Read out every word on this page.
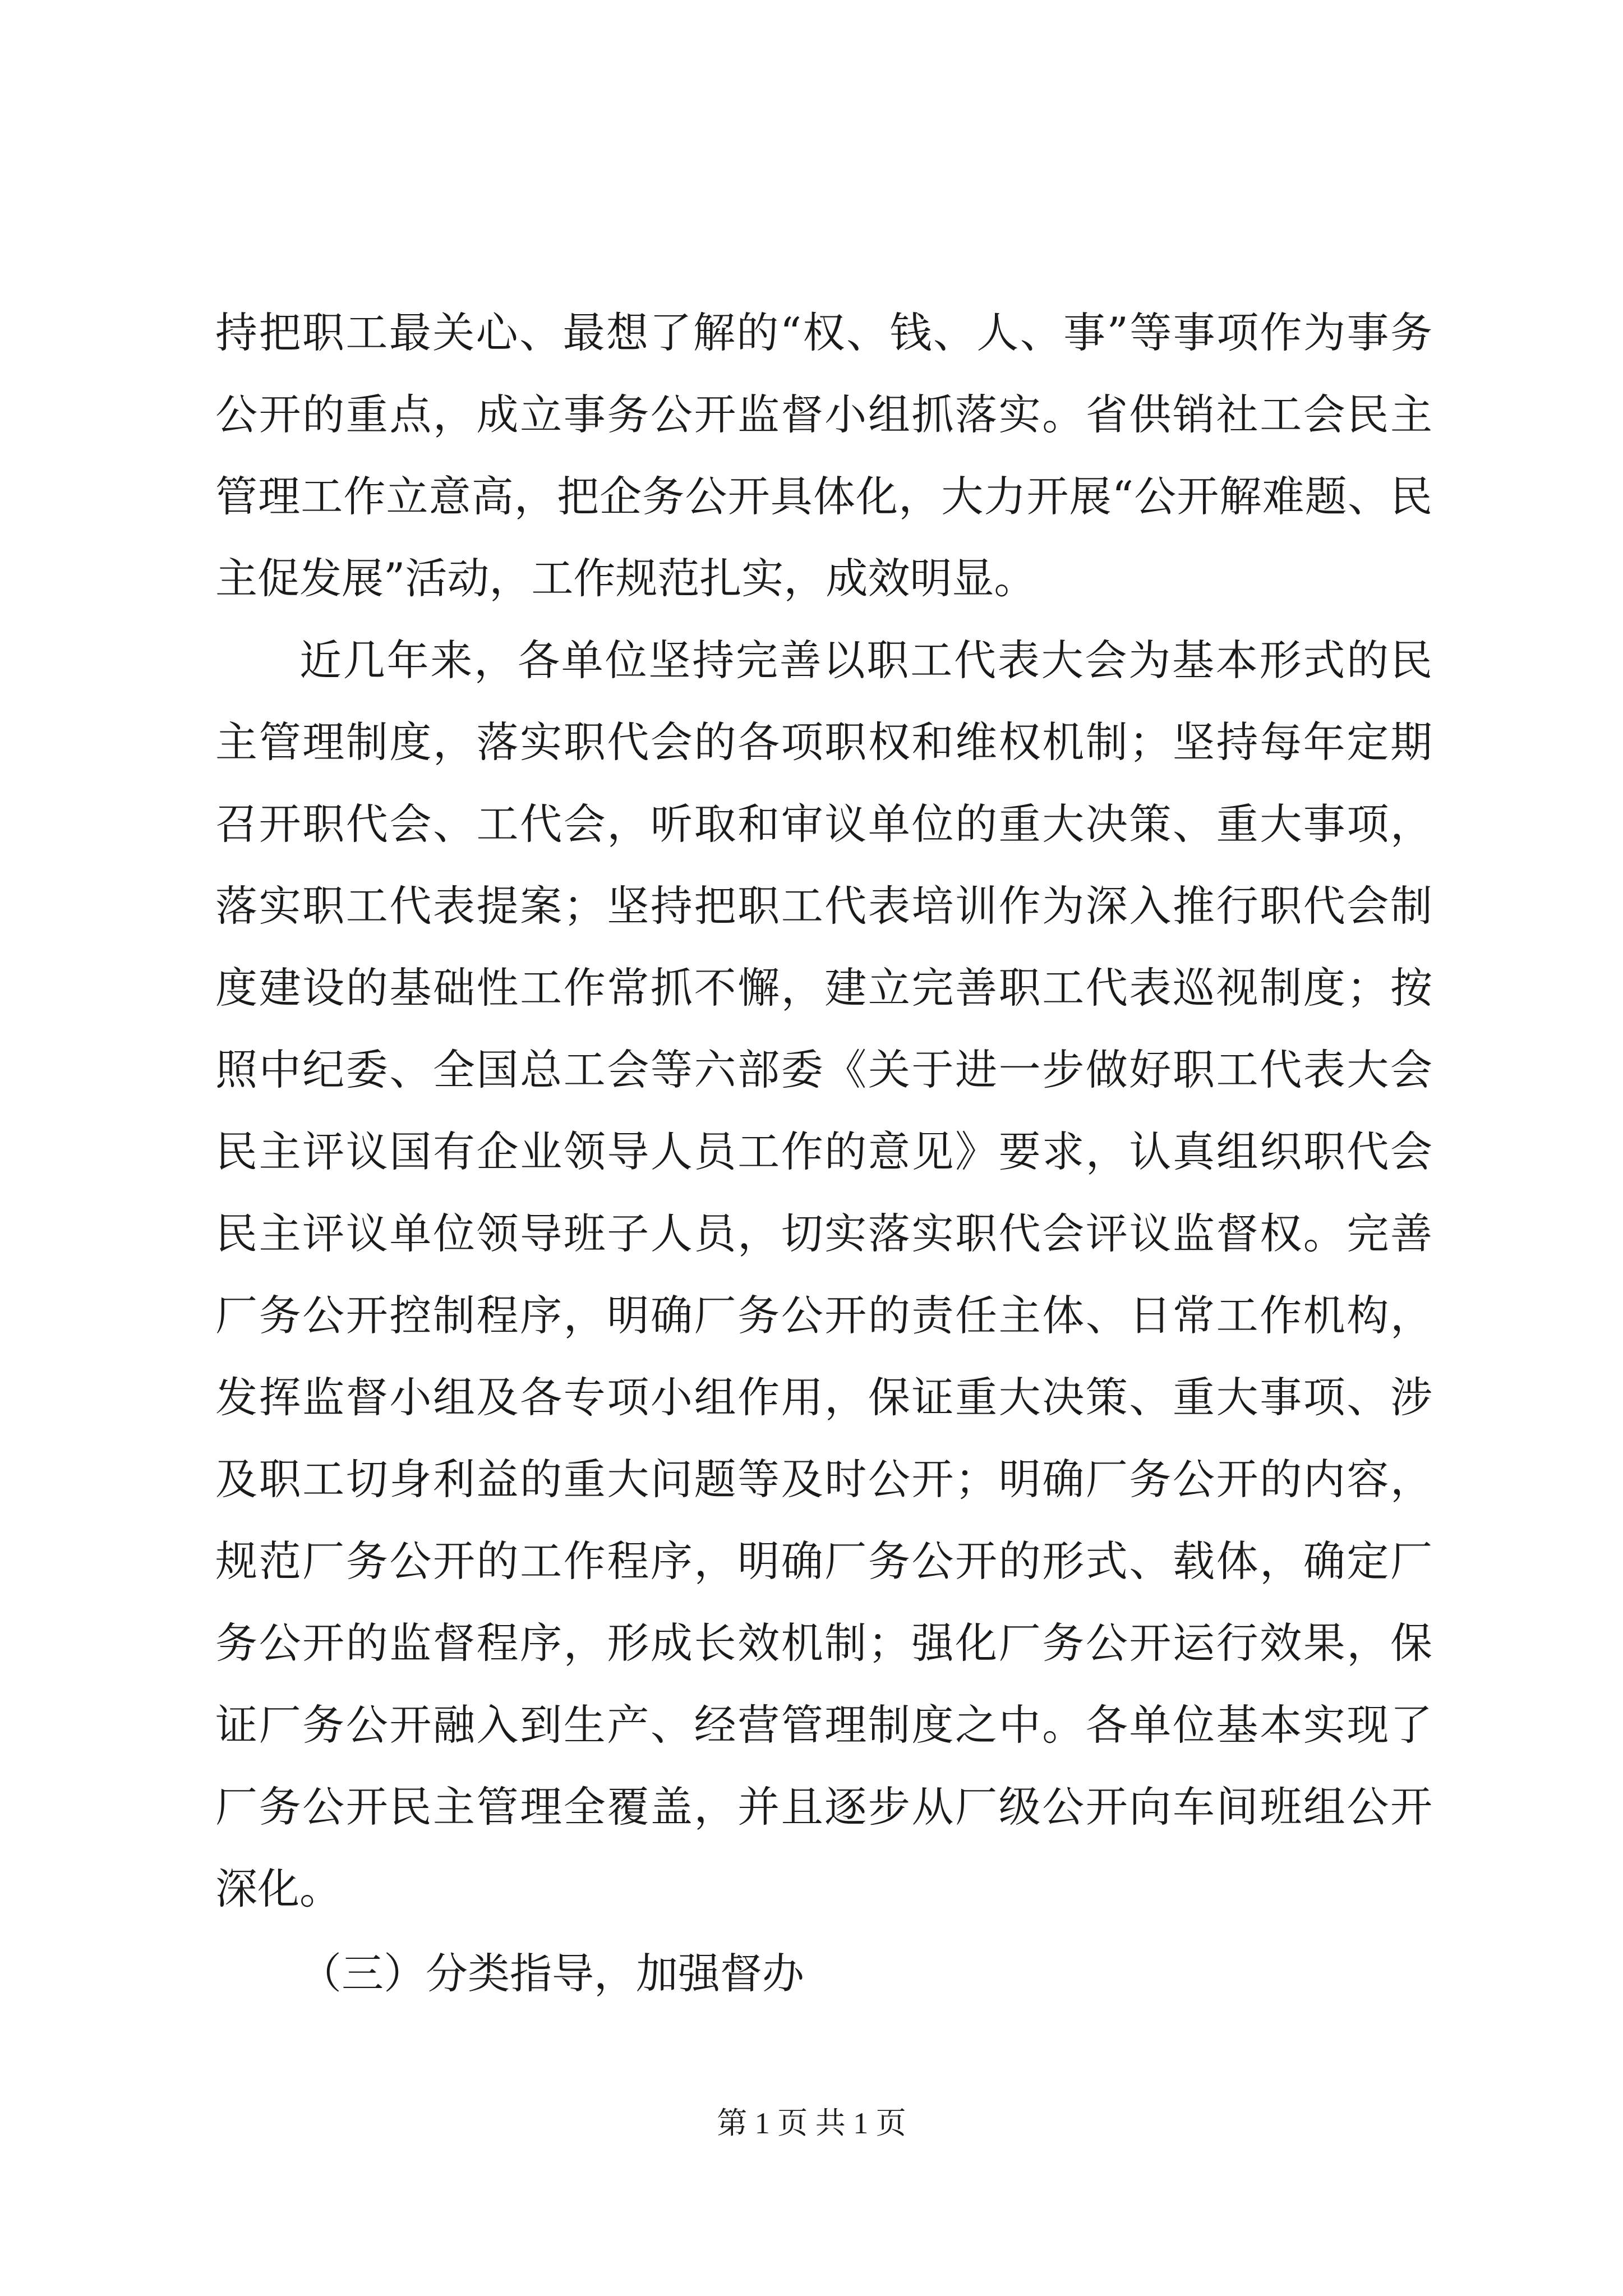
持把职工最关心、最想了解的“权、钱、人、事”等事项作为事务公开的重点，成立事务公开监督小组抓落实。省供销社工会民主管理工作立意高，把企务公开具体化，大力开展“公开解难题、民主促发展”活动，工作规范扎实，成效明显。

近几年来，各单位坚持完善以职工代表大会为基本形式的民主管理制度，落实职代会的各项职权和维权机制；坚持每年定期召开职代会、工代会，听取和审议单位的重大决策、重大事项，落实职工代表提案；坚持把职工代表培训作为深入推行职代会制度建设的基础性工作常抓不懈，建立完善职工代表巡视制度；按照中纪委、全国总工会等六部委《关于进一步做好职工代表大会民主评议国有企业领导人员工作的意见》要求，认真组织职代会民主评议单位领导班子人员，切实落实职代会评议监督权。完善厂务公开控制程序，明确厂务公开的责任主体、日常工作机构，发挥监督小组及各专项小组作用，保证重大决策、重大事项、涉及职工切身利益的重大问题等及时公开；明确厂务公开的内容，规范厂务公开的工作程序，明确厂务公开的形式、载体，确定厂务公开的监督程序，形成长效机制；强化厂务公开运行效果，保证厂务公开融入到生产、经营管理制度之中。各单位基本实现了厂务公开民主管理全覆盖，并且逐步从厂级公开向车间班组公开深化。

（三）分类指导，加强督办
第 1 页 共 1 页
